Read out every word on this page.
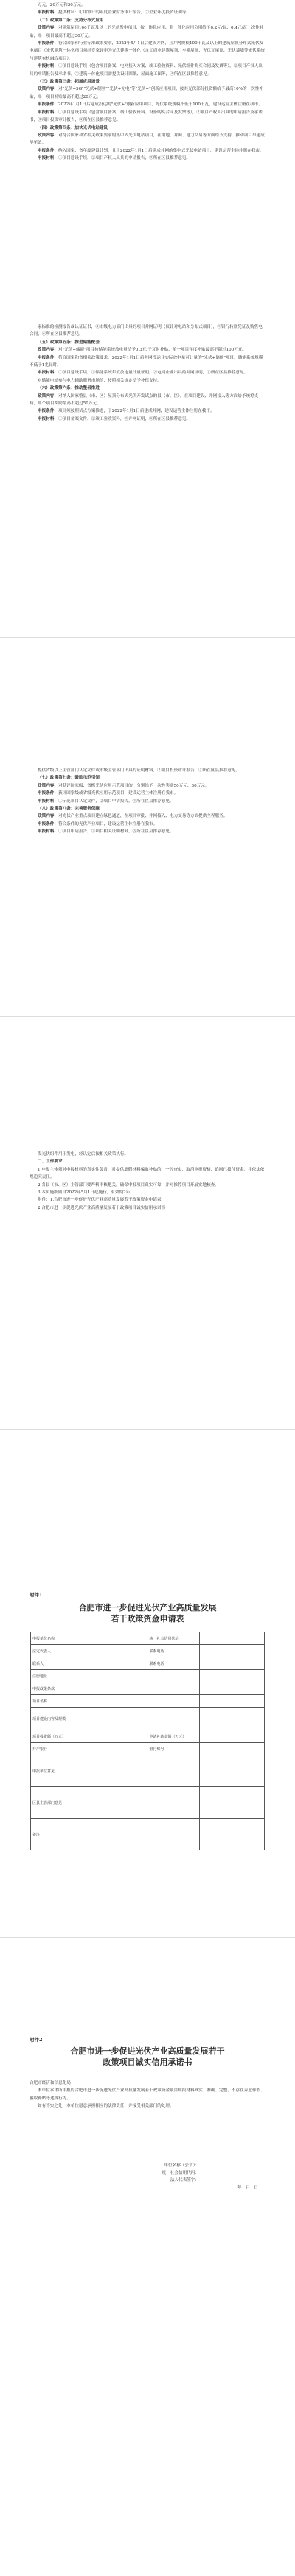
万元，20万元和30万元。

申报材料：提供材料：①用审计的年度企业财务审计报告，②企业年度投资证明等。

（二）政策第二条：支持分布式应用

政策内容：对建筑屋顶100千瓦及以上的光伏发电项目，按一体化应用、非一体化应用分别给予0.2元/瓦、0.4元/瓦一次性补贴，单一项目最高不超过30万元。

申报条件：符合国家和行业标准政策要求，2022年5月1日后建成并网，且并网规模100千瓦及以上的建筑屋顶分布式光伏发电项目（光伏建筑一体化项目须经专家评审为光伏建筑一体化（含工商业建筑屋顶、车棚屋顶、光伏瓦屋顶、光伏幕墙等光伏系统与建筑有机融合项目）。

申报材料：①项目建设手续（包含项目备案、电网接入方案、竣工验收资料、光伏组件购买合同及发票等），②项目产权人出具的申请报告及承诺书，③建筑一体化项目需提供设计图纸、屋面施工图等，④所在区县推荐意见。

（三）政策第三条：拓展应用场景

政策内容：对"光伏+5G""光伏+制氢""光伏+充电"等"光伏+"创新应用项目，按其光伏部分投资额给予最高10%的一次性补贴，单一项目补贴最高不超过20万元。

申报条件：2022年1月1日后建成投运的"光伏+"创新应用项目，光伏系统规模不低于100千瓦，建设运营主体注册在我市。

申报材料：①项目建设手续（包含项目备案、竣工验收资料、设备购买合同及发票等），②项目产权人出具的申请报告及承诺书，③项目投资审计报告，④所在区县推荐意见。

（四）政策第四条：加快光伏电站建设

政策内容：对符合国家和省相关政策要求的集中式光伏电站项目，在用地、并网、电力交易等方面给予支持，推动项目早建成早见效。

申报条件：纳入国家、省年度建设计划，且于2022年1月1日后建成并网的集中式光伏电站项目，建设运营主体注册在我市。

申报材料：①项目建设手续，②项目产权人出具的申请报告，③所在区县推荐意见。

家标准的检测报告或认证证书，④市级电力部门出具的项目并网证明（仅针对电站和分布式项目），⑤银行转账凭证及购售电合同，⑥所在区县推荐意见。

（五）政策第五条：推进储能配套

政策内容：对"光伏+储能"项目按储能系统放电量给予0.3元/千瓦时补贴，单一项目年度补贴最高不超过100万元。

申报条件：符合国家和省相关政策要求，2022年1月1日后并网投运且实际放电量可计量的"光伏+储能"项目，储能系统规模不低于1兆瓦时。

申报材料：①项目建设手续，②储能系统年度放电量计量证明，③电网企业出具的并网证明，④所在区县推荐意见。

对储能电站参与电力辅助服务市场的，按照相关规定给予补偿支持。

（六）政策第六条：推动整县推进

政策内容：对纳入国家整县（市、区）屋顶分布式光伏开发试点的县（市、区），在项目建设、并网接入等方面给予统筹支持，单个项目奖励最高不超过50万元。

申报条件：项目须按照试点方案推进，于2022年1月1日后建成并网，建设运营主体注册在我市。

申报材料：①项目备案文件，②竣工验收资料，③并网证明，④所在区县推荐意见。

提供省级以上主管部门认定文件或市级主管部门出具的证明材料，②项目投资审计报告，③所在区县推荐意见。

（七）政策第七条：鼓励示范引领

政策内容：对获评国家级、省级光伏应用示范项目的，分别给予一次性奖励50万元、30万元。

申报条件：获评国家级或省级光伏应用示范项目，建设运营主体注册在我市。

申报材料：①示范项目认定文件，②项目申请报告，③所在区县推荐意见。

（八）政策第八条：完善服务保障

政策内容：对光伏产业重点项目建立绿色通道，在项目审批、并网接入、电力交易等方面提供全程服务。

申报条件：符合条件的光伏产业项目，建设运营主体注册在我市。

申报材料：①项目申请报告，②项目相关证明材料，③所在区县推荐意见。

发光伏组件用于发电，经认定后按相关政策执行。

二、工作要求

1.申报主体须对申报材料的真实性负责，对提供虚假材料骗取补贴的，一经查实，取消申报资格，追回已拨付资金，并依法依规追究责任。

2.各县（市、区）主管部门要严格审核把关，确保申报项目真实可靠，并对推荐项目开展实地核查。

3.本实施细则自2022年5月1日起施行，有效期2年。

附件：1.合肥市进一步促进光伏产业高质量发展若干政策资金申请表

2.合肥市进一步促进光伏产业高质量发展若干政策项目诚实信用承诺书

附件1

合肥市进一步促进光伏产业高质量发展

若干政策资金申请表

申报单位名称		统一社会信用代码	
法定代表人		联系电话	
联系人		联系电话	
注册地址			
申报政策条款			
项目名称			
项目建设内容及规模			
项目投资额（万元）		申请补助金额（万元）	
开户银行		银行账号	
申报单位意见			
区县主管部门意见			
备注			

附件2

合肥市进一步促进光伏产业高质量发展若干

政策项目诚实信用承诺书

合肥市经济和信息化局：

本单位承诺所申报的合肥市进一步促进光伏产业高质量发展若干政策资金项目申报材料真实、准确、完整，不存在弄虚作假、骗取补贴等违规行为。

如有不实之处，本单位愿意承担相应的法律责任，并接受相关部门的处理。

单位名称（公章）：

统一社会信用代码：

法人代表签字：

年　月　日
